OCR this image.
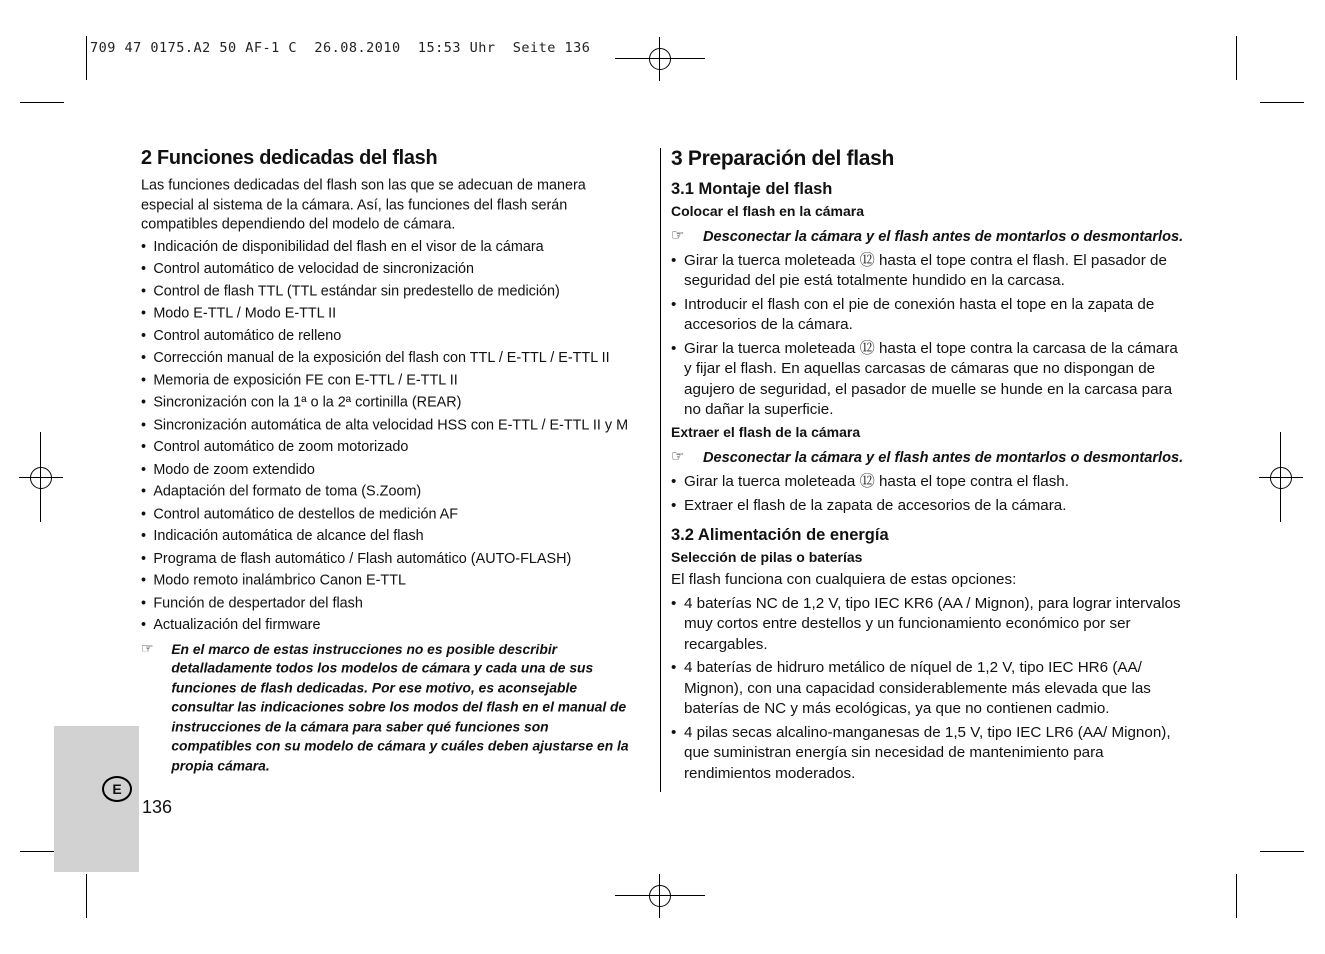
709 47 0175.A2 50 AF-1 C  26.08.2010  15:53 Uhr  Seite 136
E
136
2 Funciones dedicadas del flash

Las funciones dedicadas del flash son las que se adecuan de manera especial al sistema de la cámara. Así, las funciones del flash serán compatibles dependiendo del modelo de cámara.

• Indicación de disponibilidad del flash en el visor de la cámara
• Control automático de velocidad de sincronización
• Control de flash TTL (TTL estándar sin predestello de medición)
• Modo E-TTL / Modo E-TTL II
• Control automático de relleno
• Corrección manual de la exposición del flash con TTL / E-TTL / E-TTL II
• Memoria de exposición FE con E-TTL / E-TTL II
• Sincronización con la 1ª o la 2ª cortinilla (REAR)
• Sincronización automática de alta velocidad HSS con E-TTL / E-TTL II y M
• Control automático de zoom motorizado
• Modo de zoom extendido
• Adaptación del formato de toma (S.Zoom)
• Control automático de destellos de medición AF
• Indicación automática de alcance del flash
• Programa de flash automático / Flash automático (AUTO-FLASH)
• Modo remoto inalámbrico Canon E-TTL
• Función de despertador del flash
• Actualización del firmware
☞ En el marco de estas instrucciones no es posible describir detalladamente todos los modelos de cámara y cada una de sus funciones de flash dedicadas. Por ese motivo, es aconsejable consultar las indicaciones sobre los modos del flash en el manual de instrucciones de la cámara para saber qué funciones son compatibles con su modelo de cámara y cuáles deben ajustarse en la propia cámara.
3 Preparación del flash
3.1 Montaje del flash
Colocar el flash en la cámara
☞ Desconectar la cámara y el flash antes de montarlos o desmontarlos.
• Girar la tuerca moleteada ⑫ hasta el tope contra el flash. El pasador de seguridad del pie está totalmente hundido en la carcasa.
• Introducir el flash con el pie de conexión hasta el tope en la zapata de accesorios de la cámara.
• Girar la tuerca moleteada ⑫ hasta el tope contra la carcasa de la cámara y fijar el flash. En aquellas carcasas de cámaras que no dispongan de agujero de seguridad, el pasador de muelle se hunde en la carcasa para no dañar la superficie.
Extraer el flash de la cámara
☞ Desconectar la cámara y el flash antes de montarlos o desmontarlos.
• Girar la tuerca moleteada ⑫ hasta el tope contra el flash.
• Extraer el flash de la zapata de accesorios de la cámara.
3.2 Alimentación de energía
Selección de pilas o baterías

El flash funciona con cualquiera de estas opciones:

• 4 baterías NC de 1,2 V, tipo IEC KR6 (AA / Mignon), para lograr intervalos muy cortos entre destellos y un funcionamiento económico por ser recargables.
• 4 baterías de hidruro metálico de níquel de 1,2 V, tipo IEC HR6 (AA/ Mignon), con una capacidad considerablemente más elevada que las baterías de NC y más ecológicas, ya que no contienen cadmio.
• 4 pilas secas alcalino-manganesas de 1,5 V, tipo IEC LR6 (AA/ Mignon), que suministran energía sin necesidad de mantenimiento para rendimientos moderados.
